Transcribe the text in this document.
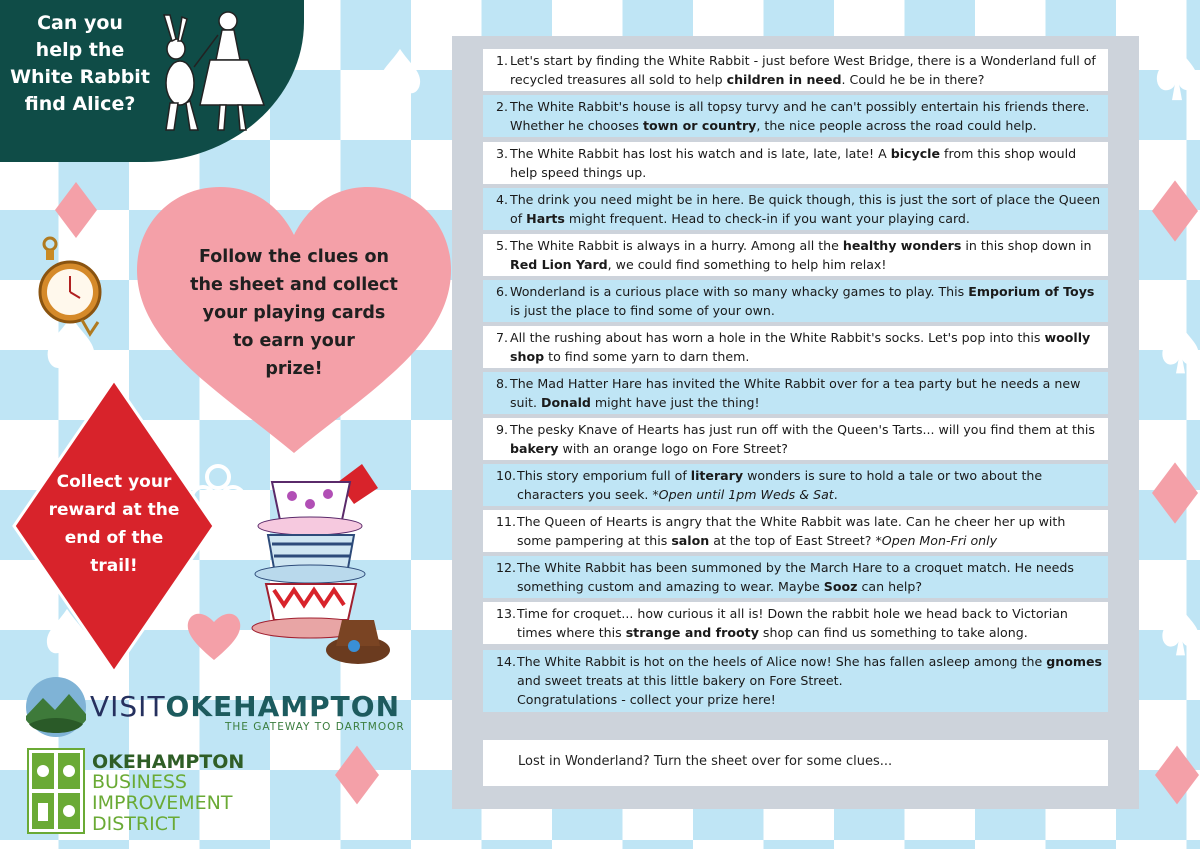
Can you
help the
White Rabbit
find Alice?
Follow the clues on
the sheet and collect
your playing cards
to earn your
prize!
Collect your
reward at the
end of the
trail!
VISITOKEHAMPTON
THE GATEWAY TO DARTMOOR
OKEHAMPTON
BUSINESS
IMPROVEMENT
DISTRICT
1. Let's start by finding the White Rabbit - just before West Bridge, there is a Wonderland full of recycled treasures all sold to help children in need. Could he be in there?
2. The White Rabbit's house is all topsy turvy and he can't possibly entertain his friends there. Whether he chooses town or country, the nice people across the road could help.
3. The White Rabbit has lost his watch and is late, late, late! A bicycle from this shop would help speed things up.
4. The drink you need might be in here. Be quick though, this is just the sort of place the Queen of Harts might frequent. Head to check-in if you want your playing card.
5. The White Rabbit is always in a hurry. Among all the healthy wonders in this shop down in Red Lion Yard, we could find something to help him relax!
6. Wonderland is a curious place with so many whacky games to play. This Emporium of Toys is just the place to find some of your own.
7. All the rushing about has worn a hole in the White Rabbit's socks. Let's pop into this woolly shop to find some yarn to darn them.
8. The Mad Hatter Hare has invited the White Rabbit over for a tea party but he needs a new suit. Donald might have just the thing!
9. The pesky Knave of Hearts has just run off with the Queen's Tarts... will you find them at this bakery with an orange logo on Fore Street?
10. This story emporium full of literary wonders is sure to hold a tale or two about the characters you seek. *Open until 1pm Weds & Sat.
11. The Queen of Hearts is angry that the White Rabbit was late. Can he cheer her up with some pampering at this salon at the top of East Street? *Open Mon-Fri only
12. The White Rabbit has been summoned by the March Hare to a croquet match. He needs something custom and amazing to wear. Maybe Sooz can help?
13. Time for croquet... how curious it all is! Down the rabbit hole we head back to Victorian times where this strange and frooty shop can find us something to take along.
14. The White Rabbit is hot on the heels of Alice now! She has fallen asleep among the gnomes and sweet treats at this little bakery on Fore Street.
Congratulations - collect your prize here!
Lost in Wonderland? Turn the sheet over for some clues...
